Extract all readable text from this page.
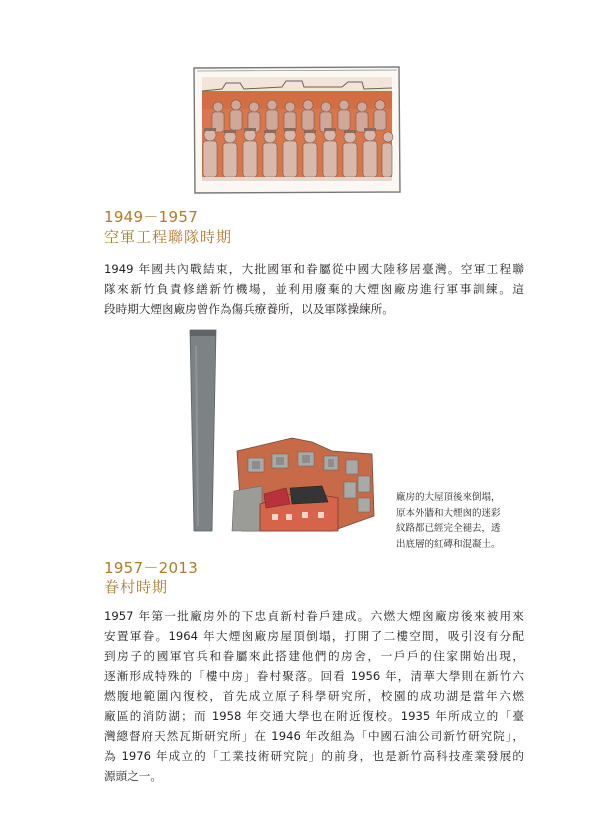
1949－1957
空軍工程聯隊時期
1949 年國共內戰結束，大批國軍和眷屬從中國大陸移居臺灣。空軍工程聯
隊來新竹負責修繕新竹機場，並利用廢棄的大煙囪廠房進行軍事訓練。這
段時期大煙囪廠房曾作為傷兵療養所，以及軍隊操練所。
廠房的大屋頂後來倒塌，
原本外牆和大煙囪的迷彩
紋路都已經完全褪去，透
出底層的紅磚和混凝土。
1957－2013
眷村時期
1957 年第一批廠房外的下忠貞新村眷戶建成。六燃大煙囪廠房後來被用來
安置軍眷。1964 年大煙囪廠房屋頂倒塌，打開了二樓空間，吸引沒有分配
到房子的國軍官兵和眷屬來此搭建他們的房舍，一戶戶的住家開始出現，
逐漸形成特殊的「樓中房」眷村聚落。回看 1956 年，清華大學則在新竹六
燃腹地範圍內復校，首先成立原子科學研究所，校園的成功湖是當年六燃
廠區的消防湖；而 1958 年交通大學也在附近復校。1935 年所成立的「臺
灣總督府天然瓦斯研究所」在 1946 年改組為「中國石油公司新竹研究院」，
為 1976 年成立的「工業技術研究院」的前身，也是新竹高科技產業發展的
源頭之一。
